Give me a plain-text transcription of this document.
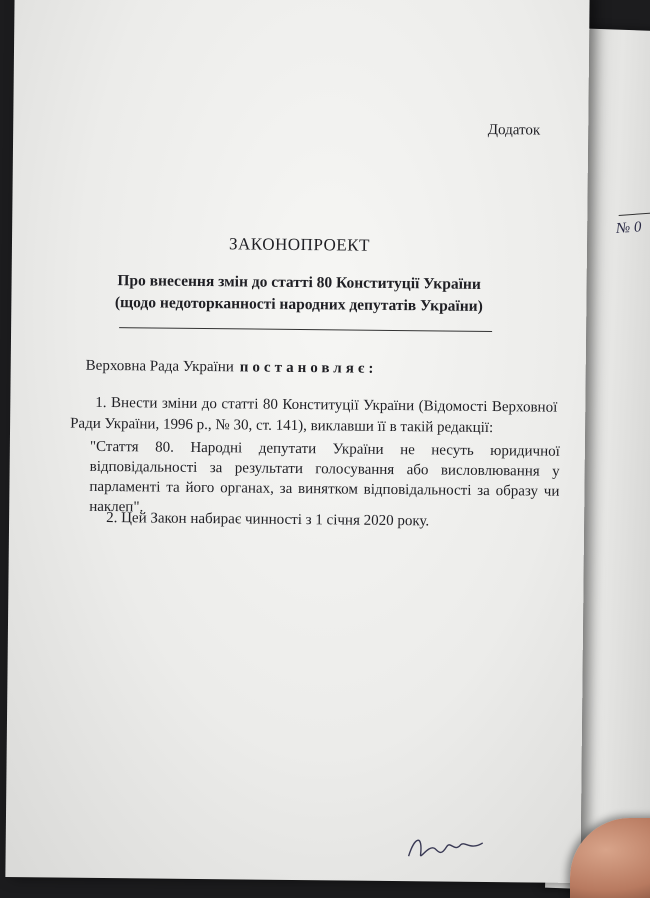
№ 0
Додаток
ЗАКОНОПРОЕКТ
Про внесення змін до статті 80 Конституції України
(щодо недоторканності народних депутатів України)
Верховна Рада України постановляє:
1. Внести зміни до статті 80 Конституції України (Відомості Верховної Ради України, 1996 р., № 30, ст. 141), виклавши її в такій редакції:
"Стаття 80. Народні депутати України не несуть юридичної відповідальності за результати голосування або висловлювання у парламенті та його органах, за винятком відповідальності за образу чи наклеп".
2. Цей Закон набирає чинності з 1 січня 2020 року.
